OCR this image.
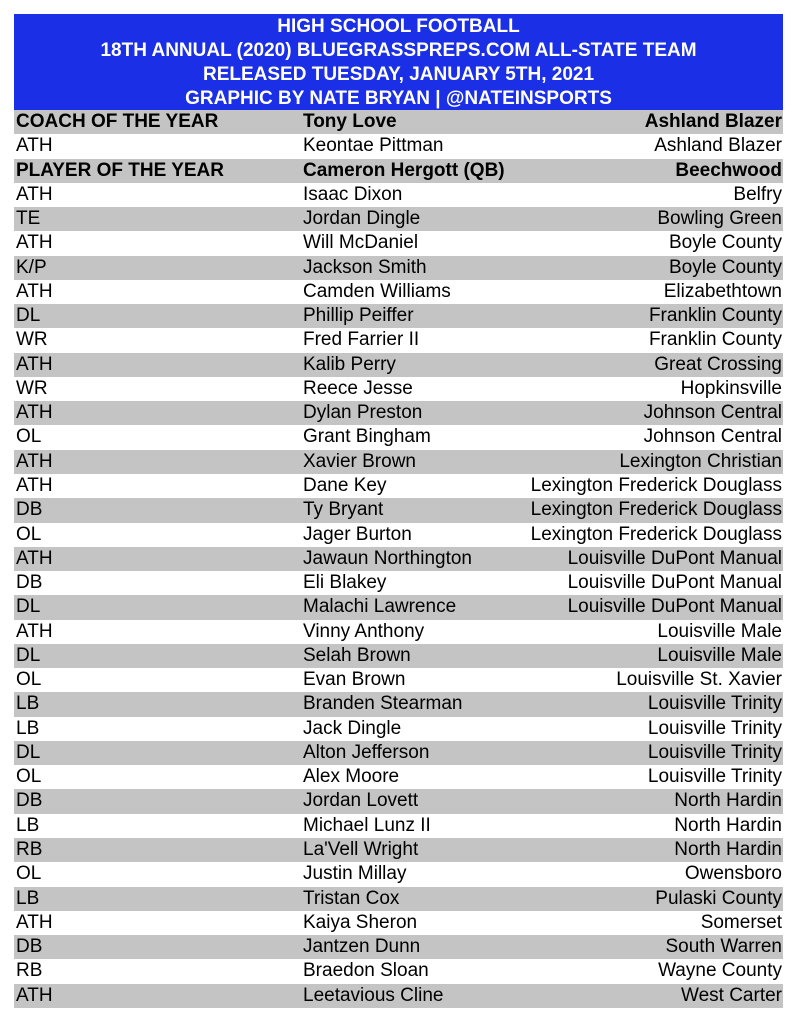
HIGH SCHOOL FOOTBALL
18TH ANNUAL (2020) BLUEGRASSPREPS.COM ALL-STATE TEAM
RELEASED TUESDAY, JANUARY 5TH, 2021
GRAPHIC BY NATE BRYAN | @NATEINSPORTS
COACH OF THE YEAR	Tony Love	Ashland Blazer
ATH	Keontae Pittman	Ashland Blazer
PLAYER OF THE YEAR	Cameron Hergott (QB)	Beechwood
ATH	Isaac Dixon	Belfry
TE	Jordan Dingle	Bowling Green
ATH	Will McDaniel	Boyle County
K/P	Jackson Smith	Boyle County
ATH	Camden Williams	Elizabethtown
DL	Phillip Peiffer	Franklin County
WR	Fred Farrier II	Franklin County
ATH	Kalib Perry	Great Crossing
WR	Reece Jesse	Hopkinsville
ATH	Dylan Preston	Johnson Central
OL	Grant Bingham	Johnson Central
ATH	Xavier Brown	Lexington Christian
ATH	Dane Key	Lexington Frederick Douglass
DB	Ty Bryant	Lexington Frederick Douglass
OL	Jager Burton	Lexington Frederick Douglass
ATH	Jawaun Northington	Louisville DuPont Manual
DB	Eli Blakey	Louisville DuPont Manual
DL	Malachi Lawrence	Louisville DuPont Manual
ATH	Vinny Anthony	Louisville Male
DL	Selah Brown	Louisville Male
OL	Evan Brown	Louisville St. Xavier
LB	Branden Stearman	Louisville Trinity
LB	Jack Dingle	Louisville Trinity
DL	Alton Jefferson	Louisville Trinity
OL	Alex Moore	Louisville Trinity
DB	Jordan Lovett	North Hardin
LB	Michael Lunz II	North Hardin
RB	La'Vell Wright	North Hardin
OL	Justin Millay	Owensboro
LB	Tristan Cox	Pulaski County
ATH	Kaiya Sheron	Somerset
DB	Jantzen Dunn	South Warren
RB	Braedon Sloan	Wayne County
ATH	Leetavious Cline	West Carter
